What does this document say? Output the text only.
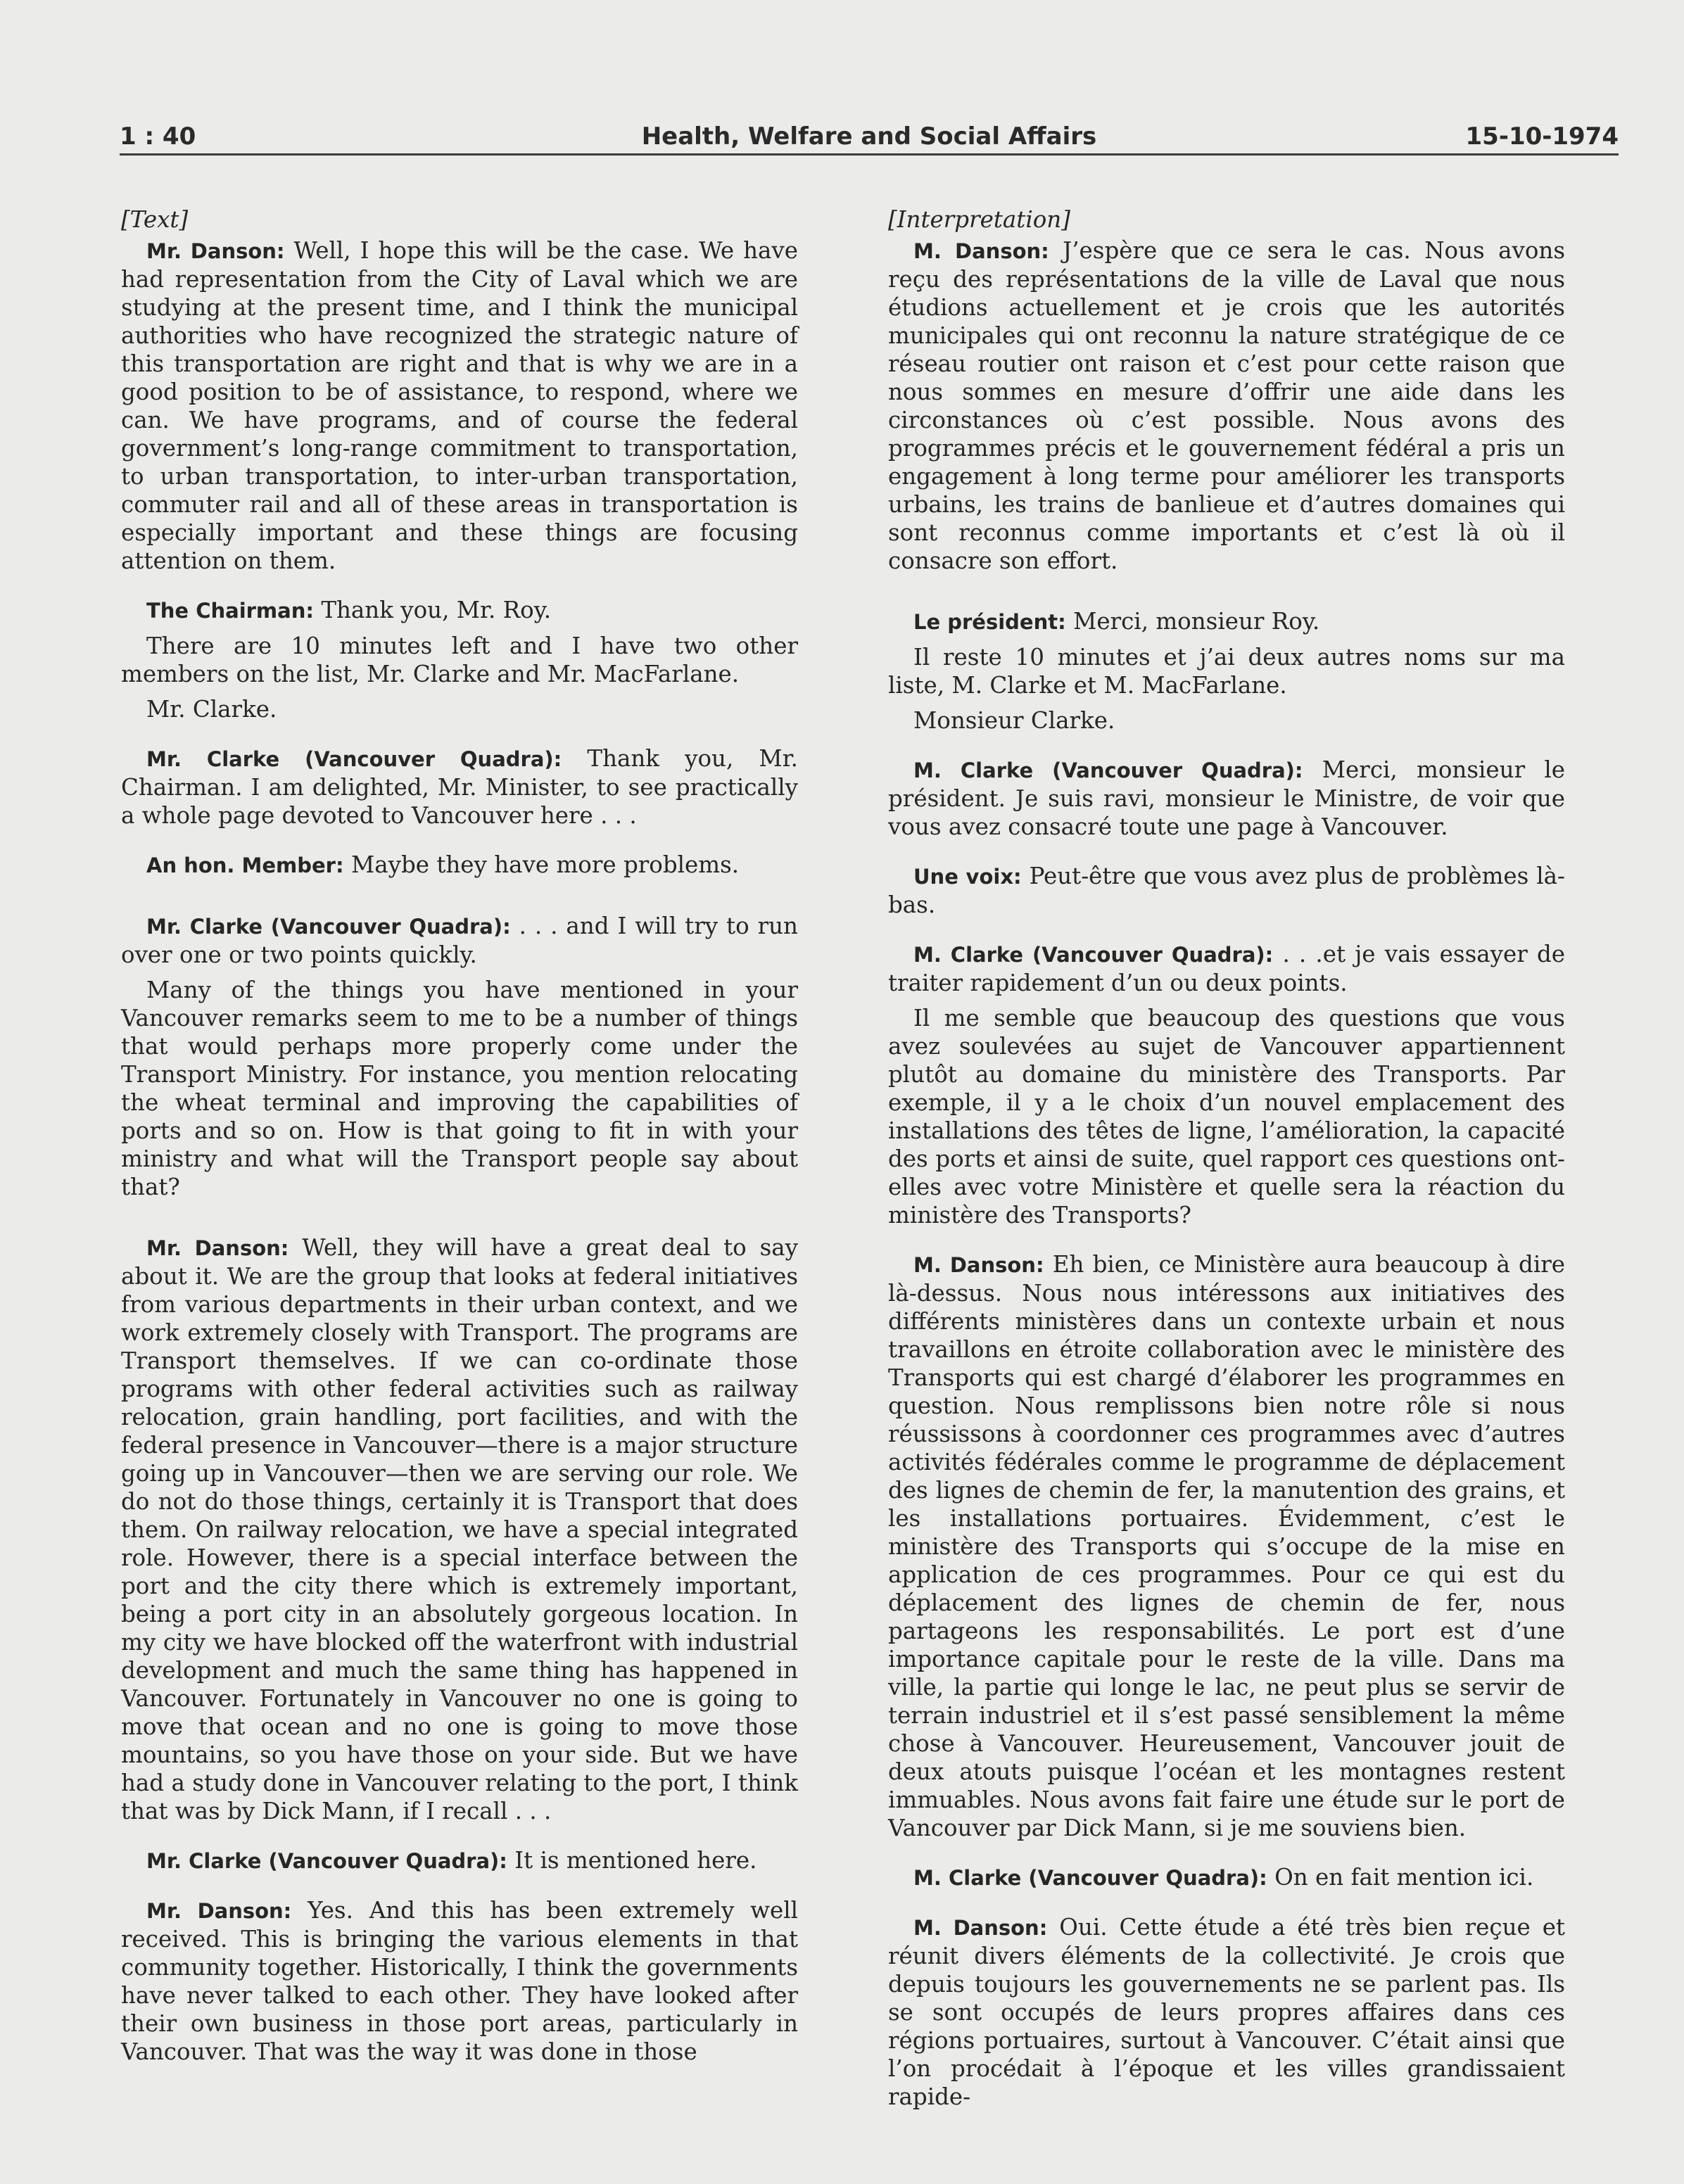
1 : 40	Health, Welfare and Social Affairs	15-10-1974
[Text]

Mr. Danson: Well, I hope this will be the case. We have had representation from the City of Laval which we are studying at the present time, and I think the municipal authorities who have recognized the strategic nature of this transportation are right and that is why we are in a good position to be of assistance, to respond, where we can. We have programs, and of course the federal government’s long-range commitment to transportation, to urban transportation, to inter-urban transportation, commuter rail and all of these areas in transportation is especially important and these things are focusing attention on them.

The Chairman: Thank you, Mr. Roy.

There are 10 minutes left and I have two other members on the list, Mr. Clarke and Mr. MacFarlane.

Mr. Clarke.

Mr. Clarke (Vancouver Quadra): Thank you, Mr. Chairman. I am delighted, Mr. Minister, to see practically a whole page devoted to Vancouver here . . .

An hon. Member: Maybe they have more problems.

Mr. Clarke (Vancouver Quadra): . . . and I will try to run over one or two points quickly.

Many of the things you have mentioned in your Vancouver remarks seem to me to be a number of things that would perhaps more properly come under the Transport Ministry. For instance, you mention relocating the wheat terminal and improving the capabilities of ports and so on. How is that going to fit in with your ministry and what will the Transport people say about that?

Mr. Danson: Well, they will have a great deal to say about it. We are the group that looks at federal initiatives from various departments in their urban context, and we work extremely closely with Transport. The programs are Transport themselves. If we can co-ordinate those programs with other federal activities such as railway relocation, grain handling, port facilities, and with the federal presence in Vancouver—there is a major structure going up in Vancouver—then we are serving our role. We do not do those things, certainly it is Transport that does them. On railway relocation, we have a special integrated role. However, there is a special interface between the port and the city there which is extremely important, being a port city in an absolutely gorgeous location. In my city we have blocked off the waterfront with industrial development and much the same thing has happened in Vancouver. Fortunately in Vancouver no one is going to move that ocean and no one is going to move those mountains, so you have those on your side. But we have had a study done in Vancouver relating to the port, I think that was by Dick Mann, if I recall . . .

Mr. Clarke (Vancouver Quadra): It is mentioned here.

Mr. Danson: Yes. And this has been extremely well received. This is bringing the various elements in that community together. Historically, I think the governments have never talked to each other. They have looked after their own business in those port areas, particularly in Vancouver. That was the way it was done in those

[Interpretation]

M. Danson: J’espère que ce sera le cas. Nous avons reçu des représentations de la ville de Laval que nous étudions actuellement et je crois que les autorités municipales qui ont reconnu la nature stratégique de ce réseau routier ont raison et c’est pour cette raison que nous sommes en mesure d’offrir une aide dans les circonstances où c’est possible. Nous avons des programmes précis et le gouvernement fédéral a pris un engagement à long terme pour améliorer les transports urbains, les trains de banlieue et d’autres domaines qui sont reconnus comme importants et c’est là où il consacre son effort.

Le président: Merci, monsieur Roy.

Il reste 10 minutes et j’ai deux autres noms sur ma liste, M. Clarke et M. MacFarlane.

Monsieur Clarke.

M. Clarke (Vancouver Quadra): Merci, monsieur le président. Je suis ravi, monsieur le Ministre, de voir que vous avez consacré toute une page à Vancouver.

Une voix: Peut-être que vous avez plus de problèmes là-bas.

M. Clarke (Vancouver Quadra): . . .et je vais essayer de traiter rapidement d’un ou deux points.

Il me semble que beaucoup des questions que vous avez soulevées au sujet de Vancouver appartiennent plutôt au domaine du ministère des Transports. Par exemple, il y a le choix d’un nouvel emplacement des installations des têtes de ligne, l’amélioration, la capacité des ports et ainsi de suite, quel rapport ces questions ont-elles avec votre Ministère et quelle sera la réaction du ministère des Transports?

M. Danson: Eh bien, ce Ministère aura beaucoup à dire là-dessus. Nous nous intéressons aux initiatives des différents ministères dans un contexte urbain et nous travaillons en étroite collaboration avec le ministère des Transports qui est chargé d’élaborer les programmes en question. Nous remplissons bien notre rôle si nous réussissons à coordonner ces programmes avec d’autres activités fédérales comme le programme de déplacement des lignes de chemin de fer, la manutention des grains, et les installations portuaires. Évidemment, c’est le ministère des Transports qui s’occupe de la mise en application de ces programmes. Pour ce qui est du déplacement des lignes de chemin de fer, nous partageons les responsabilités. Le port est d’une importance capitale pour le reste de la ville. Dans ma ville, la partie qui longe le lac, ne peut plus se servir de terrain industriel et il s’est passé sensiblement la même chose à Vancouver. Heureusement, Vancouver jouit de deux atouts puisque l’océan et les montagnes restent immuables. Nous avons fait faire une étude sur le port de Vancouver par Dick Mann, si je me souviens bien.

M. Clarke (Vancouver Quadra): On en fait mention ici.

M. Danson: Oui. Cette étude a été très bien reçue et réunit divers éléments de la collectivité. Je crois que depuis toujours les gouvernements ne se parlent pas. Ils se sont occupés de leurs propres affaires dans ces régions portuaires, surtout à Vancouver. C’était ainsi que l’on procédait à l’époque et les villes grandissaient rapide-
